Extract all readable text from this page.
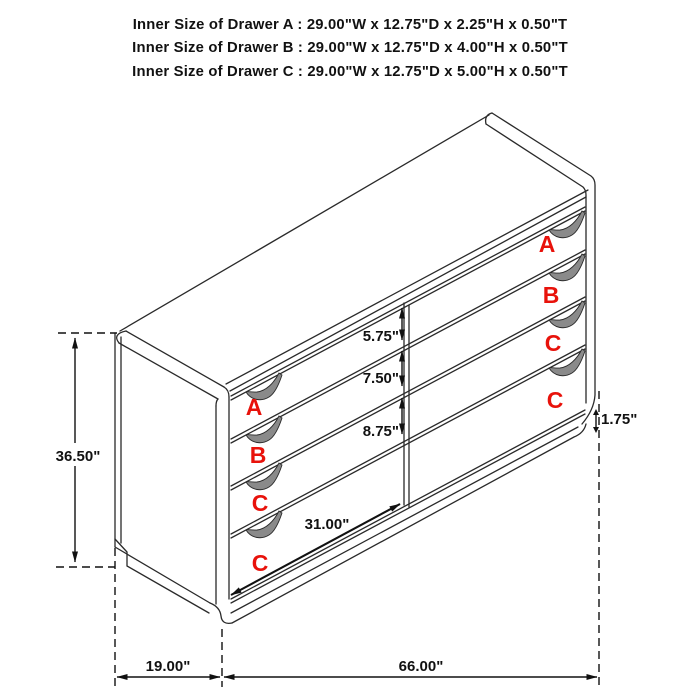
Inner Size of Drawer A : 29.00"W x 12.75"D x 2.25"H x 0.50"T
Inner Size of Drawer B : 29.00"W x 12.75"D x 4.00"H x 0.50"T
Inner Size of Drawer C : 29.00"W x 12.75"D x 5.00"H x 0.50"T
5.75"
7.50"
8.75"
31.00"
36.50"
1.75"
19.00"	66.00"
A
B
C
C
A
B
C
C
